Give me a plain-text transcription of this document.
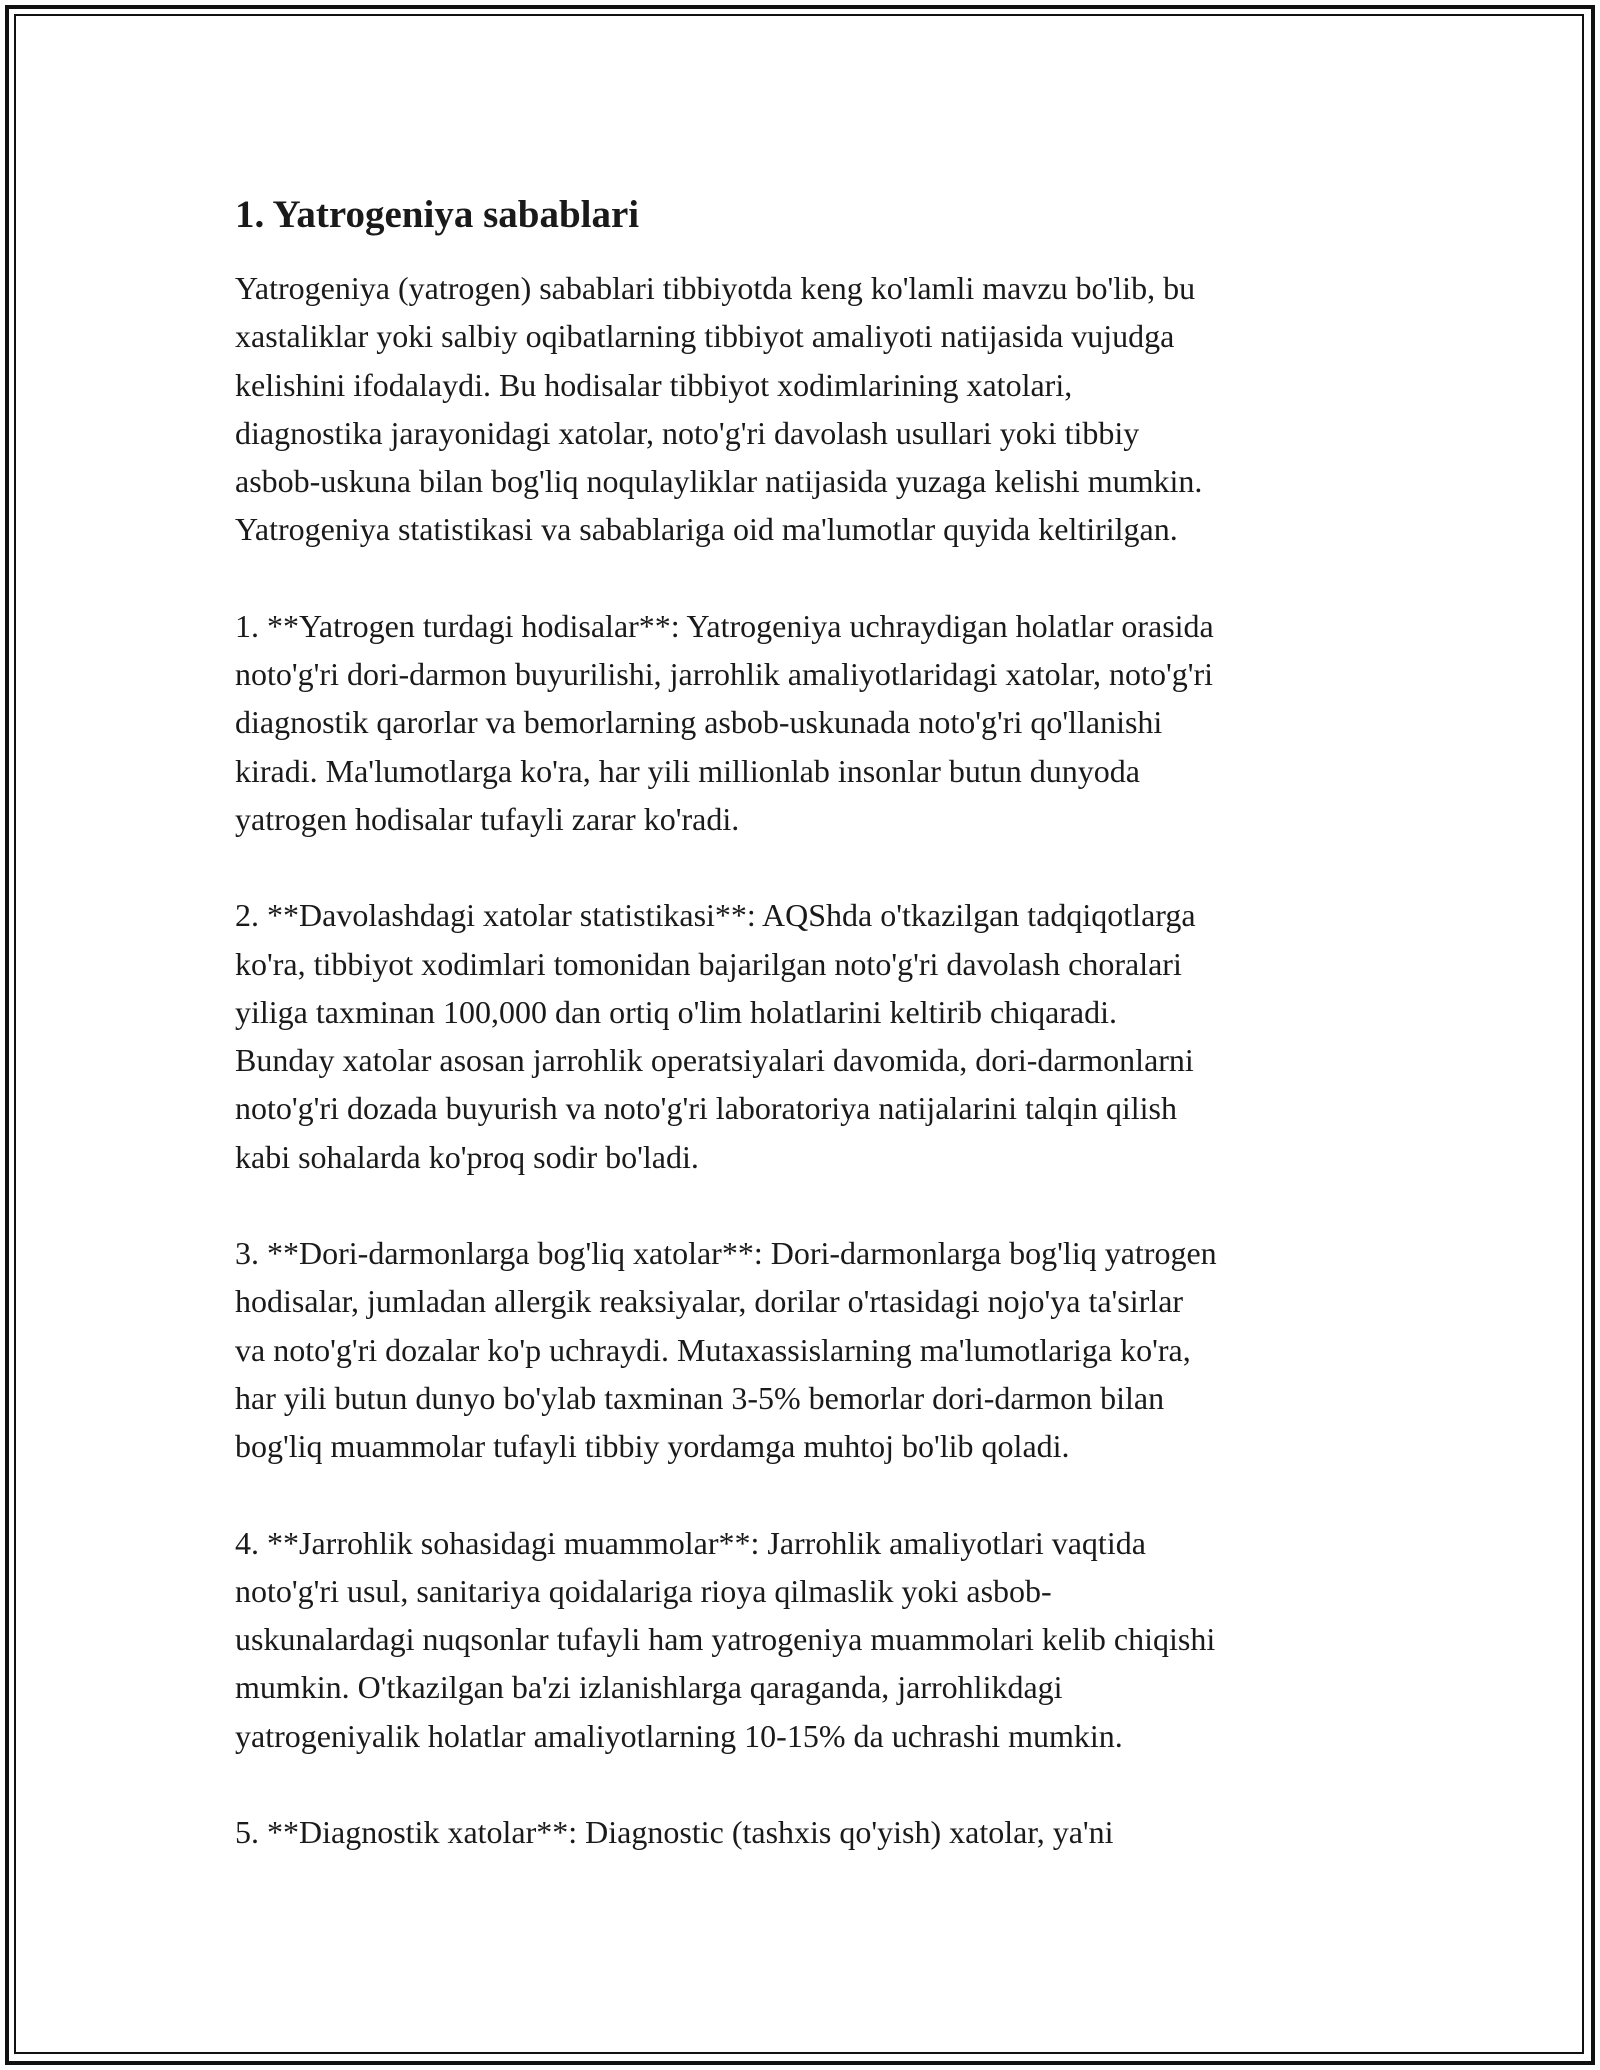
1. Yatrogeniya sabablari
Yatrogeniya (yatrogen) sabablari tibbiyotda keng ko'lamli mavzu bo'lib, bu
xastaliklar yoki salbiy oqibatlarning tibbiyot amaliyoti natijasida vujudga
kelishini ifodalaydi. Bu hodisalar tibbiyot xodimlarining xatolari,
diagnostika jarayonidagi xatolar, noto'g'ri davolash usullari yoki tibbiy
asbob-uskuna bilan bog'liq noqulayliklar natijasida yuzaga kelishi mumkin.
Yatrogeniya statistikasi va sabablariga oid ma'lumotlar quyida keltirilgan.
1. **Yatrogen turdagi hodisalar**: Yatrogeniya uchraydigan holatlar orasida
noto'g'ri dori-darmon buyurilishi, jarrohlik amaliyotlaridagi xatolar, noto'g'ri
diagnostik qarorlar va bemorlarning asbob-uskunada noto'g'ri qo'llanishi
kiradi. Ma'lumotlarga ko'ra, har yili millionlab insonlar butun dunyoda
yatrogen hodisalar tufayli zarar ko'radi.
2. **Davolashdagi xatolar statistikasi**: AQShda o'tkazilgan tadqiqotlarga
ko'ra, tibbiyot xodimlari tomonidan bajarilgan noto'g'ri davolash choralari
yiliga taxminan 100,000 dan ortiq o'lim holatlarini keltirib chiqaradi.
Bunday xatolar asosan jarrohlik operatsiyalari davomida, dori-darmonlarni
noto'g'ri dozada buyurish va noto'g'ri laboratoriya natijalarini talqin qilish
kabi sohalarda ko'proq sodir bo'ladi.
3. **Dori-darmonlarga bog'liq xatolar**: Dori-darmonlarga bog'liq yatrogen
hodisalar, jumladan allergik reaksiyalar, dorilar o'rtasidagi nojo'ya ta'sirlar
va noto'g'ri dozalar ko'p uchraydi. Mutaxassislarning ma'lumotlariga ko'ra,
har yili butun dunyo bo'ylab taxminan 3-5% bemorlar dori-darmon bilan
bog'liq muammolar tufayli tibbiy yordamga muhtoj bo'lib qoladi.
4. **Jarrohlik sohasidagi muammolar**: Jarrohlik amaliyotlari vaqtida
noto'g'ri usul, sanitariya qoidalariga rioya qilmaslik yoki asbob-
uskunalardagi nuqsonlar tufayli ham yatrogeniya muammolari kelib chiqishi
mumkin. O'tkazilgan ba'zi izlanishlarga qaraganda, jarrohlikdagi
yatrogeniyalik holatlar amaliyotlarning 10-15% da uchrashi mumkin.
5. **Diagnostik xatolar**: Diagnostic (tashxis qo'yish) xatolar, ya'ni
